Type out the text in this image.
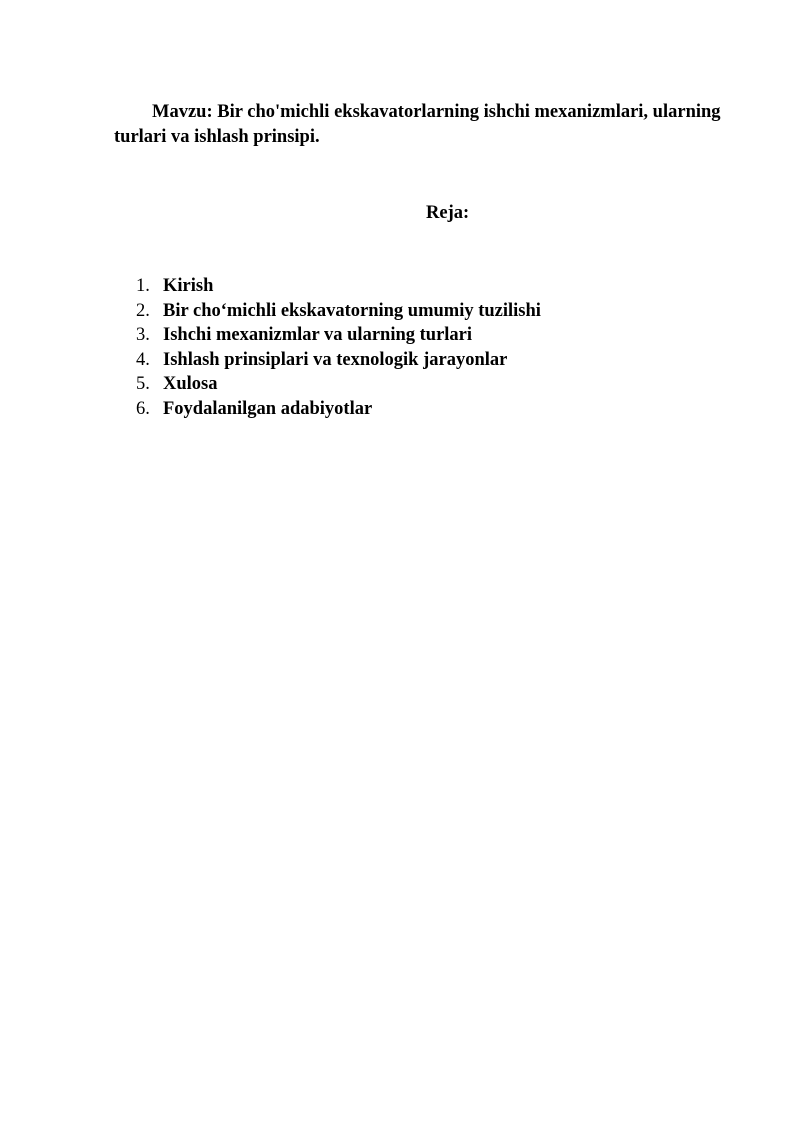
Mavzu: Bir cho'michli ekskavatorlarning ishchi mexanizmlari, ularning turlari va ishlash prinsipi.

Reja:

1. Kirish
2. Bir cho‘michli ekskavatorning umumiy tuzilishi
3. Ishchi mexanizmlar va ularning turlari
4. Ishlash prinsiplari va texnologik jarayonlar
5. Xulosa
6. Foydalanilgan adabiyotlar
